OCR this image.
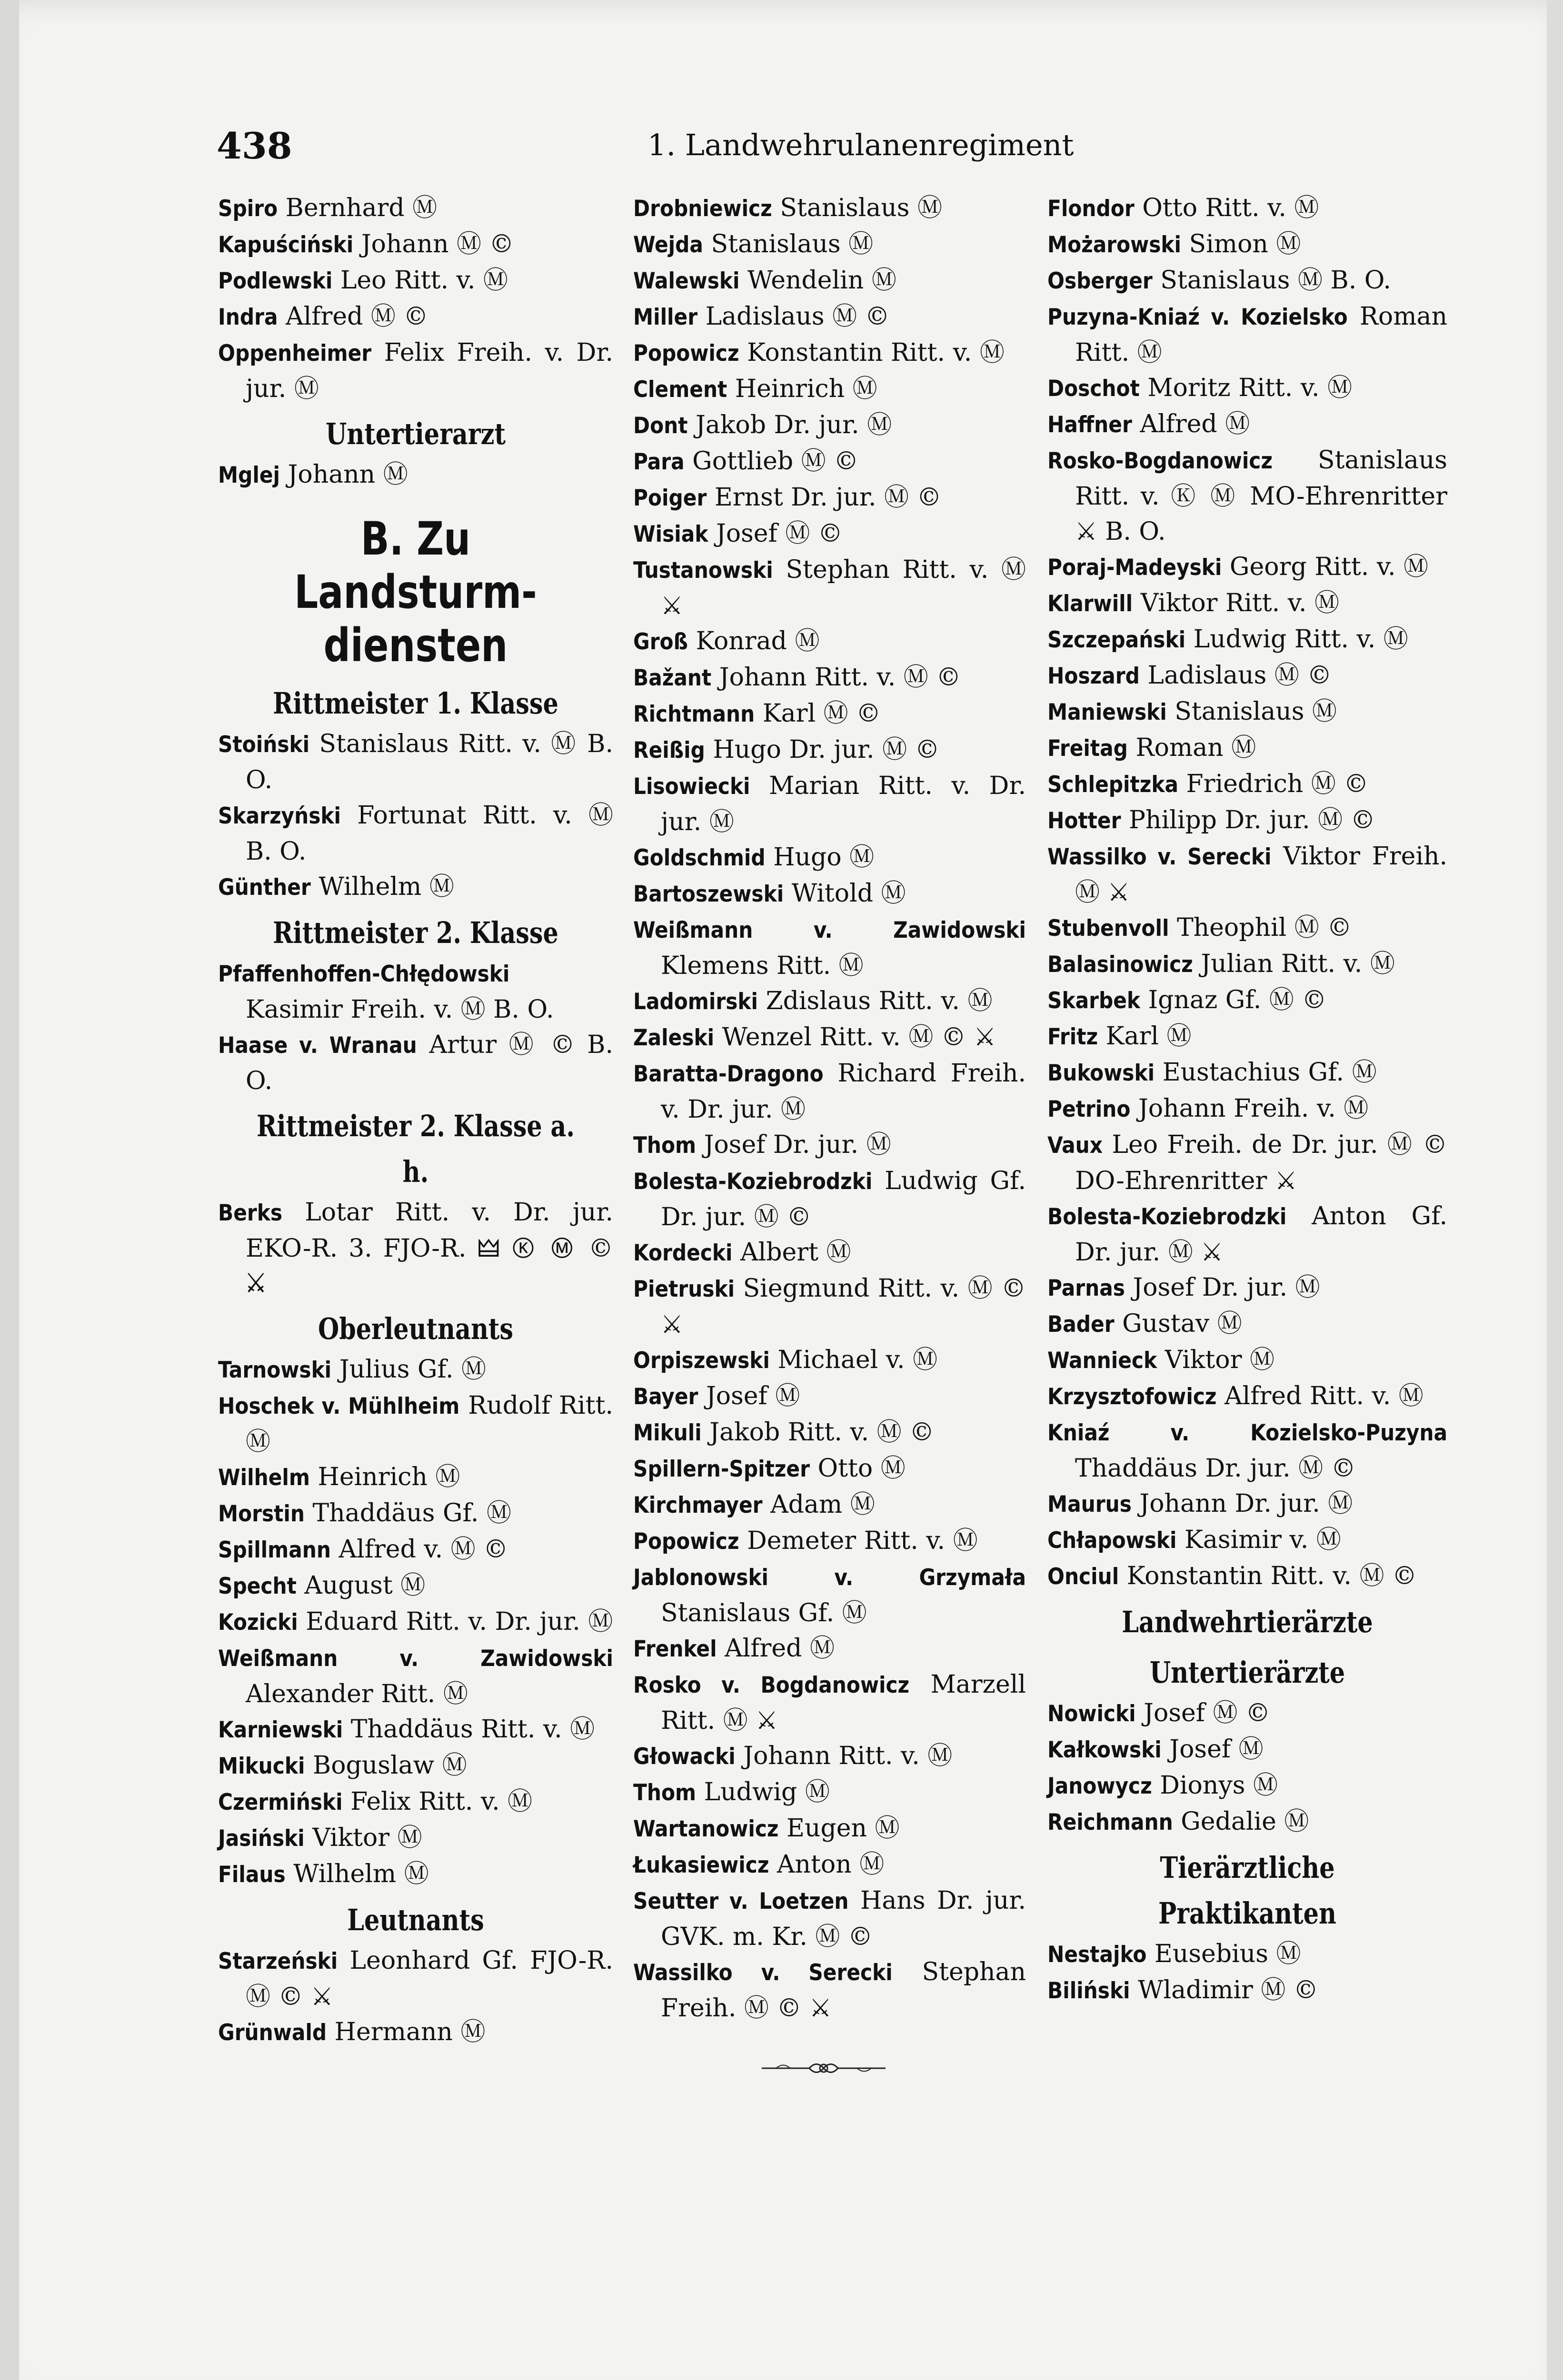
438	1. Landwehrulanenregiment
Spiro Bernhard Ⓜ
Kapuściński Johann Ⓜ ©
Podlewski Leo Ritt. v. Ⓜ
Indra Alfred Ⓜ ©
Oppenheimer Felix Freih. v. Dr. jur. Ⓜ
Untertierarzt
Mglej Johann Ⓜ
B. Zu Landsturm-diensten
Rittmeister 1. Klasse
Stoiński Stanislaus Ritt. v. Ⓜ B. O.
Skarzyński Fortunat Ritt. v. Ⓜ B. O.
Günther Wilhelm Ⓜ
Rittmeister 2. Klasse
Pfaffenhoffen-Chłędowski Kasimir Freih. v. Ⓜ B. O.
Haase v. Wranau Artur Ⓜ © B. O.
Rittmeister 2. Klasse a. h.
Berks Lotar Ritt. v. Dr. jur. EKO-R. 3. FJO-R. 🜲 Ⓚ Ⓜ © ⚔
Oberleutnants
Tarnowski Julius Gf. Ⓜ
Hoschek v. Mühlheim Rudolf Ritt. Ⓜ
Wilhelm Heinrich Ⓜ
Morstin Thaddäus Gf. Ⓜ
Spillmann Alfred v. Ⓜ ©
Specht August Ⓜ
Kozicki Eduard Ritt. v. Dr. jur. Ⓜ
Weißmann v. Zawidowski Alexander Ritt. Ⓜ
Karniewski Thaddäus Ritt. v. Ⓜ
Mikucki Boguslaw Ⓜ
Czermiński Felix Ritt. v. Ⓜ
Jasiński Viktor Ⓜ
Filaus Wilhelm Ⓜ
Leutnants
Starzeński Leonhard Gf. FJO-R. Ⓜ © ⚔
Grünwald Hermann Ⓜ
Drobniewicz Stanislaus Ⓜ
Wejda Stanislaus Ⓜ
Walewski Wendelin Ⓜ
Miller Ladislaus Ⓜ ©
Popowicz Konstantin Ritt. v. Ⓜ
Clement Heinrich Ⓜ
Dont Jakob Dr. jur. Ⓜ
Para Gottlieb Ⓜ ©
Poiger Ernst Dr. jur. Ⓜ ©
Wisiak Josef Ⓜ ©
Tustanowski Stephan Ritt. v. Ⓜ ⚔
Groß Konrad Ⓜ
Bažant Johann Ritt. v. Ⓜ ©
Richtmann Karl Ⓜ ©
Reißig Hugo Dr. jur. Ⓜ ©
Lisowiecki Marian Ritt. v. Dr. jur. Ⓜ
Goldschmid Hugo Ⓜ
Bartoszewski Witold Ⓜ
Weißmann v. Zawidowski Klemens Ritt. Ⓜ
Ladomirski Zdislaus Ritt. v. Ⓜ
Zaleski Wenzel Ritt. v. Ⓜ © ⚔
Baratta-Dragono Richard Freih. v. Dr. jur. Ⓜ
Thom Josef Dr. jur. Ⓜ
Bolesta-Koziebrodzki Ludwig Gf. Dr. jur. Ⓜ ©
Kordecki Albert Ⓜ
Pietruski Siegmund Ritt. v. Ⓜ © ⚔
Orpiszewski Michael v. Ⓜ
Bayer Josef Ⓜ
Mikuli Jakob Ritt. v. Ⓜ ©
Spillern-Spitzer Otto Ⓜ
Kirchmayer Adam Ⓜ
Popowicz Demeter Ritt. v. Ⓜ
Jablonowski v. Grzymała Stanislaus Gf. Ⓜ
Frenkel Alfred Ⓜ
Rosko v. Bogdanowicz Marzell Ritt. Ⓜ ⚔
Głowacki Johann Ritt. v. Ⓜ
Thom Ludwig Ⓜ
Wartanowicz Eugen Ⓜ
Łukasiewicz Anton Ⓜ
Seutter v. Loetzen Hans Dr. jur. GVK. m. Kr. Ⓜ ©
Wassilko v. Serecki Stephan Freih. Ⓜ © ⚔
Flondor Otto Ritt. v. Ⓜ
Możarowski Simon Ⓜ
Osberger Stanislaus Ⓜ B. O.
Puzyna-Kniaź v. Kozielsko Roman Ritt. Ⓜ
Doschot Moritz Ritt. v. Ⓜ
Haffner Alfred Ⓜ
Rosko-Bogdanowicz Stanislaus Ritt. v. Ⓚ Ⓜ MO-Ehrenritter ⚔ B. O.
Poraj-Madeyski Georg Ritt. v. Ⓜ
Klarwill Viktor Ritt. v. Ⓜ
Szczepański Ludwig Ritt. v. Ⓜ
Hoszard Ladislaus Ⓜ ©
Maniewski Stanislaus Ⓜ
Freitag Roman Ⓜ
Schlepitzka Friedrich Ⓜ ©
Hotter Philipp Dr. jur. Ⓜ ©
Wassilko v. Serecki Viktor Freih. Ⓜ ⚔
Stubenvoll Theophil Ⓜ ©
Balasinowicz Julian Ritt. v. Ⓜ
Skarbek Ignaz Gf. Ⓜ ©
Fritz Karl Ⓜ
Bukowski Eustachius Gf. Ⓜ
Petrino Johann Freih. v. Ⓜ
Vaux Leo Freih. de Dr. jur. Ⓜ © DO-Ehrenritter ⚔
Bolesta-Koziebrodzki Anton Gf. Dr. jur. Ⓜ ⚔
Parnas Josef Dr. jur. Ⓜ
Bader Gustav Ⓜ
Wannieck Viktor Ⓜ
Krzysztofowicz Alfred Ritt. v. Ⓜ
Kniaź v. Kozielsko-Puzyna Thaddäus Dr. jur. Ⓜ ©
Maurus Johann Dr. jur. Ⓜ
Chłapowski Kasimir v. Ⓜ
Onciul Konstantin Ritt. v. Ⓜ ©
Landwehrtierärzte
Untertierärzte
Nowicki Josef Ⓜ ©
Kałkowski Josef Ⓜ
Janowycz Dionys Ⓜ
Reichmann Gedalie Ⓜ
Tierärztliche Praktikanten
Nestajko Eusebius Ⓜ
Biliński Wladimir Ⓜ ©
